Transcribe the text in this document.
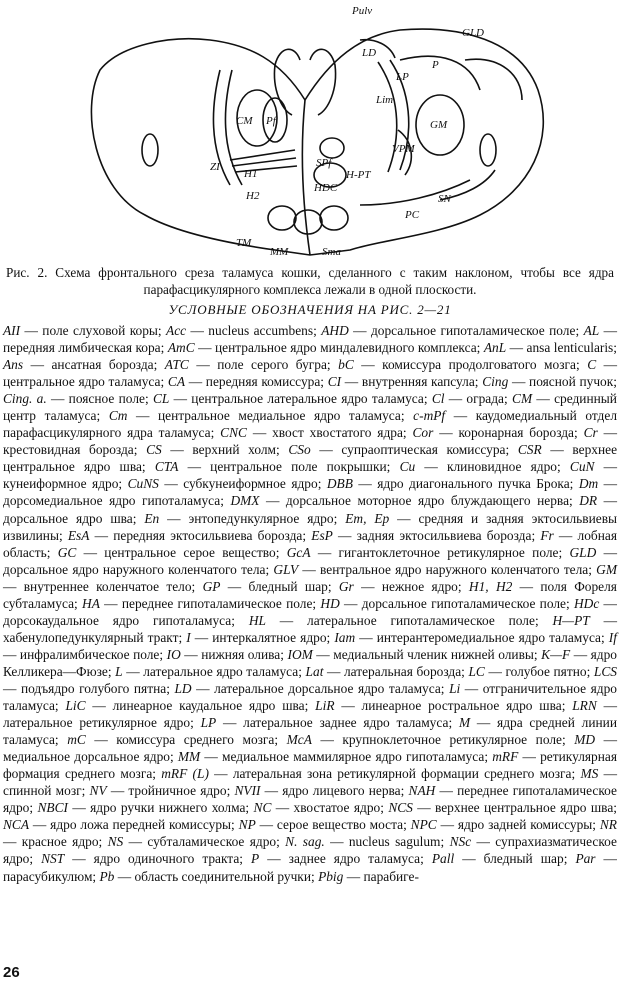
Pulv
GLD
LD
LP
P
Lim
CM Pf	GM
VPM
ZI
H1
H2
SPf
H-PT
HDC
SN
PC
TM
MM	Sma

Рис. 2. Схема фронтального среза таламуса кошки, сделанного с таким наклоном, чтобы все ядра парафасцикулярного комплекса лежали в одной плоскости.

УСЛОВНЫЕ ОБОЗНАЧЕНИЯ НА РИС. 2—21

AII — поле слуховой коры; Acc — nucleus accumbens; AHD — дорсальное гипоталамическое поле; AL — передняя лимбическая кора; AmC — центральное ядро миндалевидного комплекса; AnL — ansa lenticularis; Ans — ансатная борозда; ATC — поле серого бугра; bC — комиссура продолговатого мозга; C — центральное ядро таламуса; CA — передняя комиссура; CI — внутренняя капсула; Cing — поясной пучок; Cing. a. — поясное поле; CL — центральное латеральное ядро таламуса; Cl — ограда; CM — срединный центр таламуса; Cm — центральное медиальное ядро таламуса; c-mPf — каудомедиальный отдел парафасцикулярного ядра таламуса; CNC — хвост хвостатого ядра; Cor — коронарная борозда; Cr — крестовидная борозда; CS — верхний холм; CSo — супраоптическая комиссура; CSR — верхнее центральное ядро шва; CTA — центральное поле покрышки; Cu — клиновидное ядро; CuN — кунеиформное ядро; CuNS — субкунеиформное ядро; DBB — ядро диагонального пучка Брока; Dm — дорсомедиальное ядро гипоталамуса; DMX — дорсальное моторное ядро блуждающего нерва; DR — дорсальное ядро шва; En — энтопедункулярное ядро; Em, Ep — средняя и задняя эктосильвиевы извилины; EsA — передняя эктосильвиева борозда; EsP — задняя эктосильвиева борозда; Fr — лобная область; GC — центральное серое вещество; GcA — гигантоклеточное ретикулярное поле; GLD — дорсальное ядро наружного коленчатого тела; GLV — вентральное ядро наружного коленчатого тела; GM — внутреннее коленчатое тело; GP — бледный шар; Gr — нежное ядро; H1, H2 — поля Фореля субталамуса; HA — переднее гипоталамическое поле; HD — дорсальное гипоталамическое поле; HDc — дорсокаудальное ядро гипоталамуса; HL — латеральное гипоталамическое поле; H—PT — хабенулопедункулярный тракт; I — интеркалятное ядро; Iam — интерантеромедиальное ядро таламуса; If — инфралимбическое поле; IO — нижняя олива; IOM — медиальный членик нижней оливы; K—F — ядро Келликера—Фюзе; L — латеральное ядро таламуса; Lat — латеральная борозда; LC — голубое пятно; LCS — подъядро голубого пятна; LD — латеральное дорсальное ядро таламуса; Li — отграничительное ядро таламуса; LiC — линеарное каудальное ядро шва; LiR — линеарное ростральное ядро шва; LRN — латеральное ретикулярное ядро; LP — латеральное заднее ядро таламуса; M — ядра средней линии таламуса; mC — комиссура среднего мозга; McA — крупноклеточное ретикулярное поле; MD — медиальное дорсальное ядро; MM — медиальное маммилярное ядро гипоталамуса; mRF — ретикулярная формация среднего мозга; mRF (L) — латеральная зона ретикулярной формации среднего мозга; MS — спинной мозг; NV — тройничное ядро; NVII — ядро лицевого нерва; NAH — переднее гипоталамическое ядро; NBCI — ядро ручки нижнего холма; NC — хвостатое ядро; NCS — верхнее центральное ядро шва; NCA — ядро ложа передней комиссуры; NP — серое вещество моста; NPC — ядро задней комиссуры; NR — красное ядро; NS — субталамическое ядро; N. sag. — nucleus sagulum; NSc — супрахиазматическое ядро; NST — ядро одиночного тракта; P — заднее ядро таламуса; Pall — бледный шар; Par — парасубикулюм; Pb — область соединительной ручки; Pbig — парабиге-

26
